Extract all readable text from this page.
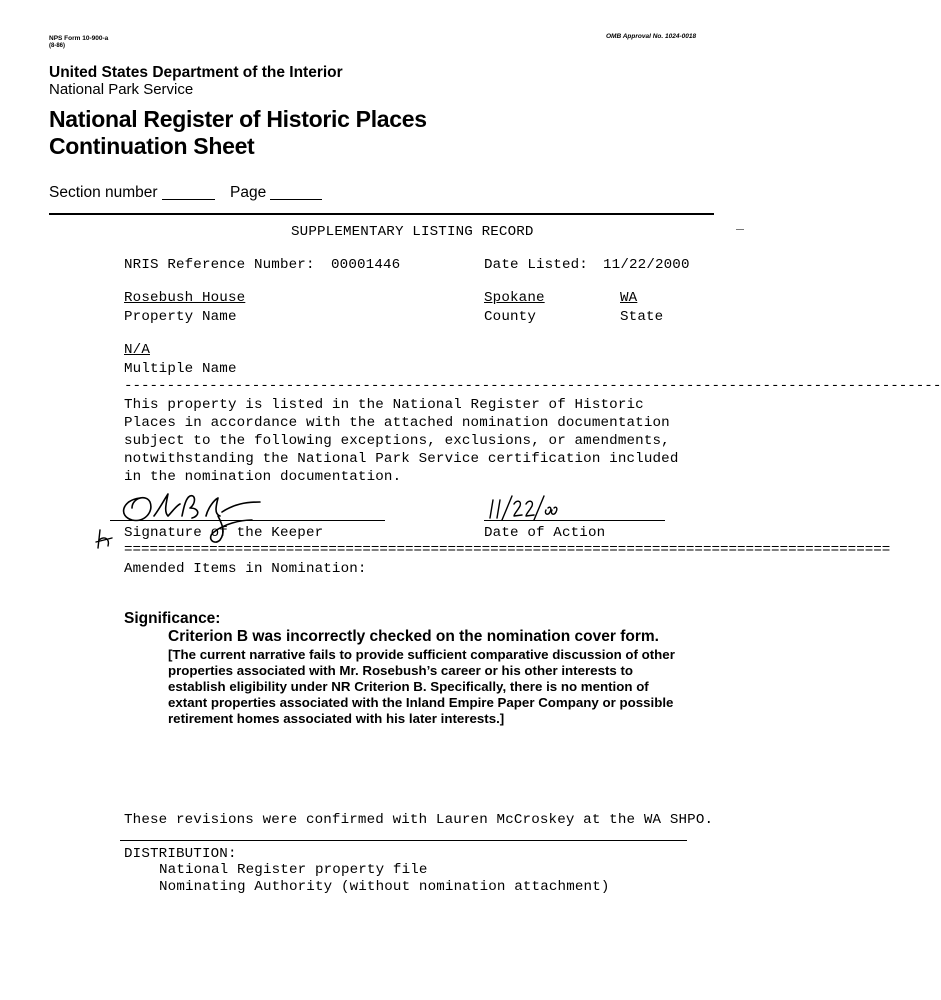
NPS Form 10-900-a
(8-86)
OMB Approval No. 1024-0018
United States Department of the Interior
National Park Service
National Register of Historic Places
Continuation Sheet
Section number	Page
SUPPLEMENTARY LISTING RECORD
NRIS Reference Number: 00001446	Date Listed: 11/22/2000
Rosebush House	Spokane	WA
Property Name	County	State
N/A
Multiple Name
------------------------------------------------------------------------------------------------
This property is listed in the National Register of Historic
Places in accordance with the attached nomination documentation
subject to the following exceptions, exclusions, or amendments,
notwithstanding the National Park Service certification included
in the nomination documentation.
Signature of the Keeper	Date of Action
==========================================================================================
Amended Items in Nomination:
Significance:
Criterion B was incorrectly checked on the nomination cover form.
[The current narrative fails to provide sufficient comparative discussion of other
properties associated with Mr. Rosebush’s career or his other interests to
establish eligibility under NR Criterion B. Specifically, there is no mention of
extant properties associated with the Inland Empire Paper Company or possible
retirement homes associated with his later interests.]
These revisions were confirmed with Lauren McCroskey at the WA SHPO.
DISTRIBUTION:
National Register property file
Nominating Authority (without nomination attachment)
